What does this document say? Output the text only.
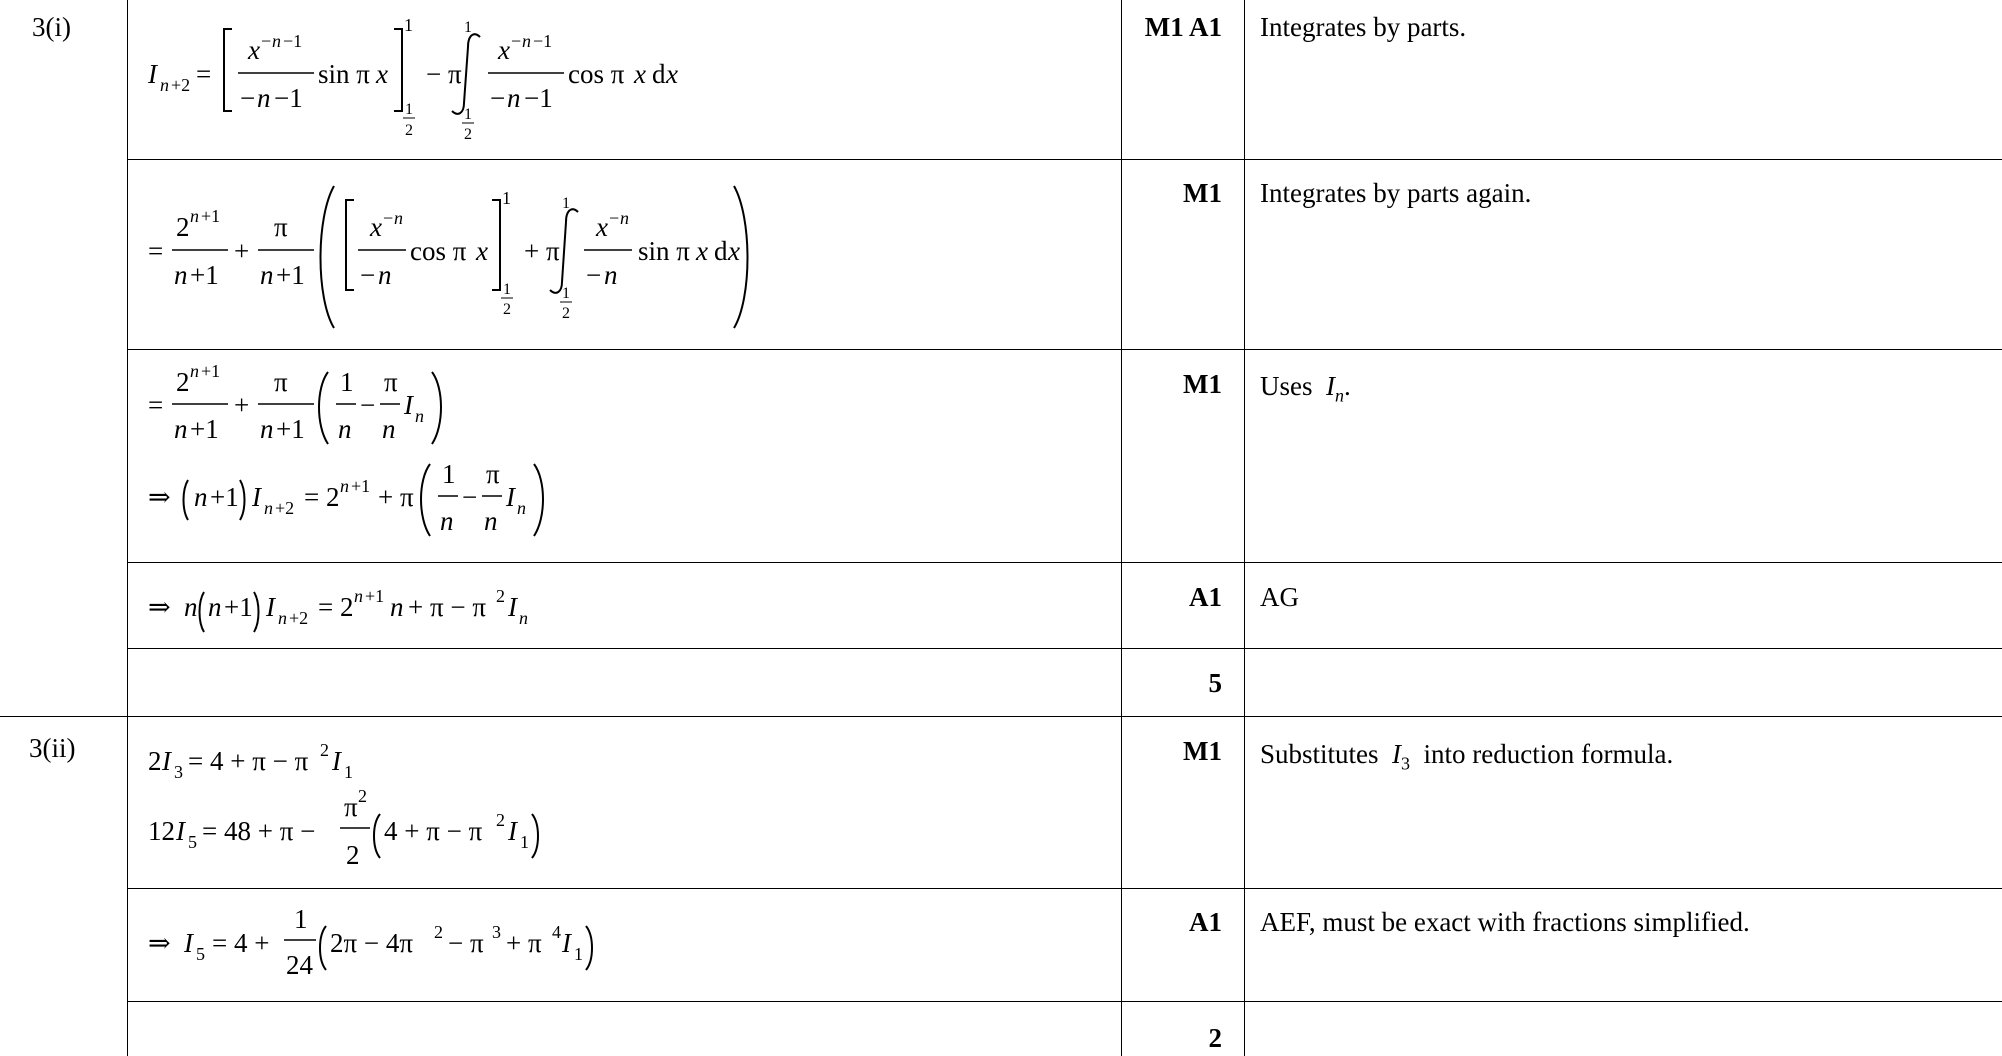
3(i)
3(ii)
M1 A1
M1
M1
A1
5
M1
A1
2
Integrates by parts.
Integrates by parts again.
Uses $I_n$.
AG
Substitutes $I_3$ into reduction formula.
AEF, must be exact with fractions simplified.
I n +2 =
x − n −1
− n −1
sin π x
1
1
2
− π
1
1
2
x − n −1
− n −1
cos π x d x
=
2 n +1
n +1
+
π
n +1
x − n
− n
cos π x
1
1
2
+ π
1
1
2
x − n
− n
sin π x d x
=
2 n +1
n +1
+
π
n +1
1
n
−
π
n
I n
⇒ n +1 I n +2 = 2 n +1 + π
1
n
−
π
n
I n
⇒ n n +1 I n +2 = 2 n +1 n + π − π 2 I n
2 I 3 = 4 + π − π 2 I 1
12 I 5 = 48 + π −
π 2
2
4 + π − π 2 I 1
⇒ I 5 = 4 +
1
24
2π − 4π 2 − π 3 + π 4 I 1
